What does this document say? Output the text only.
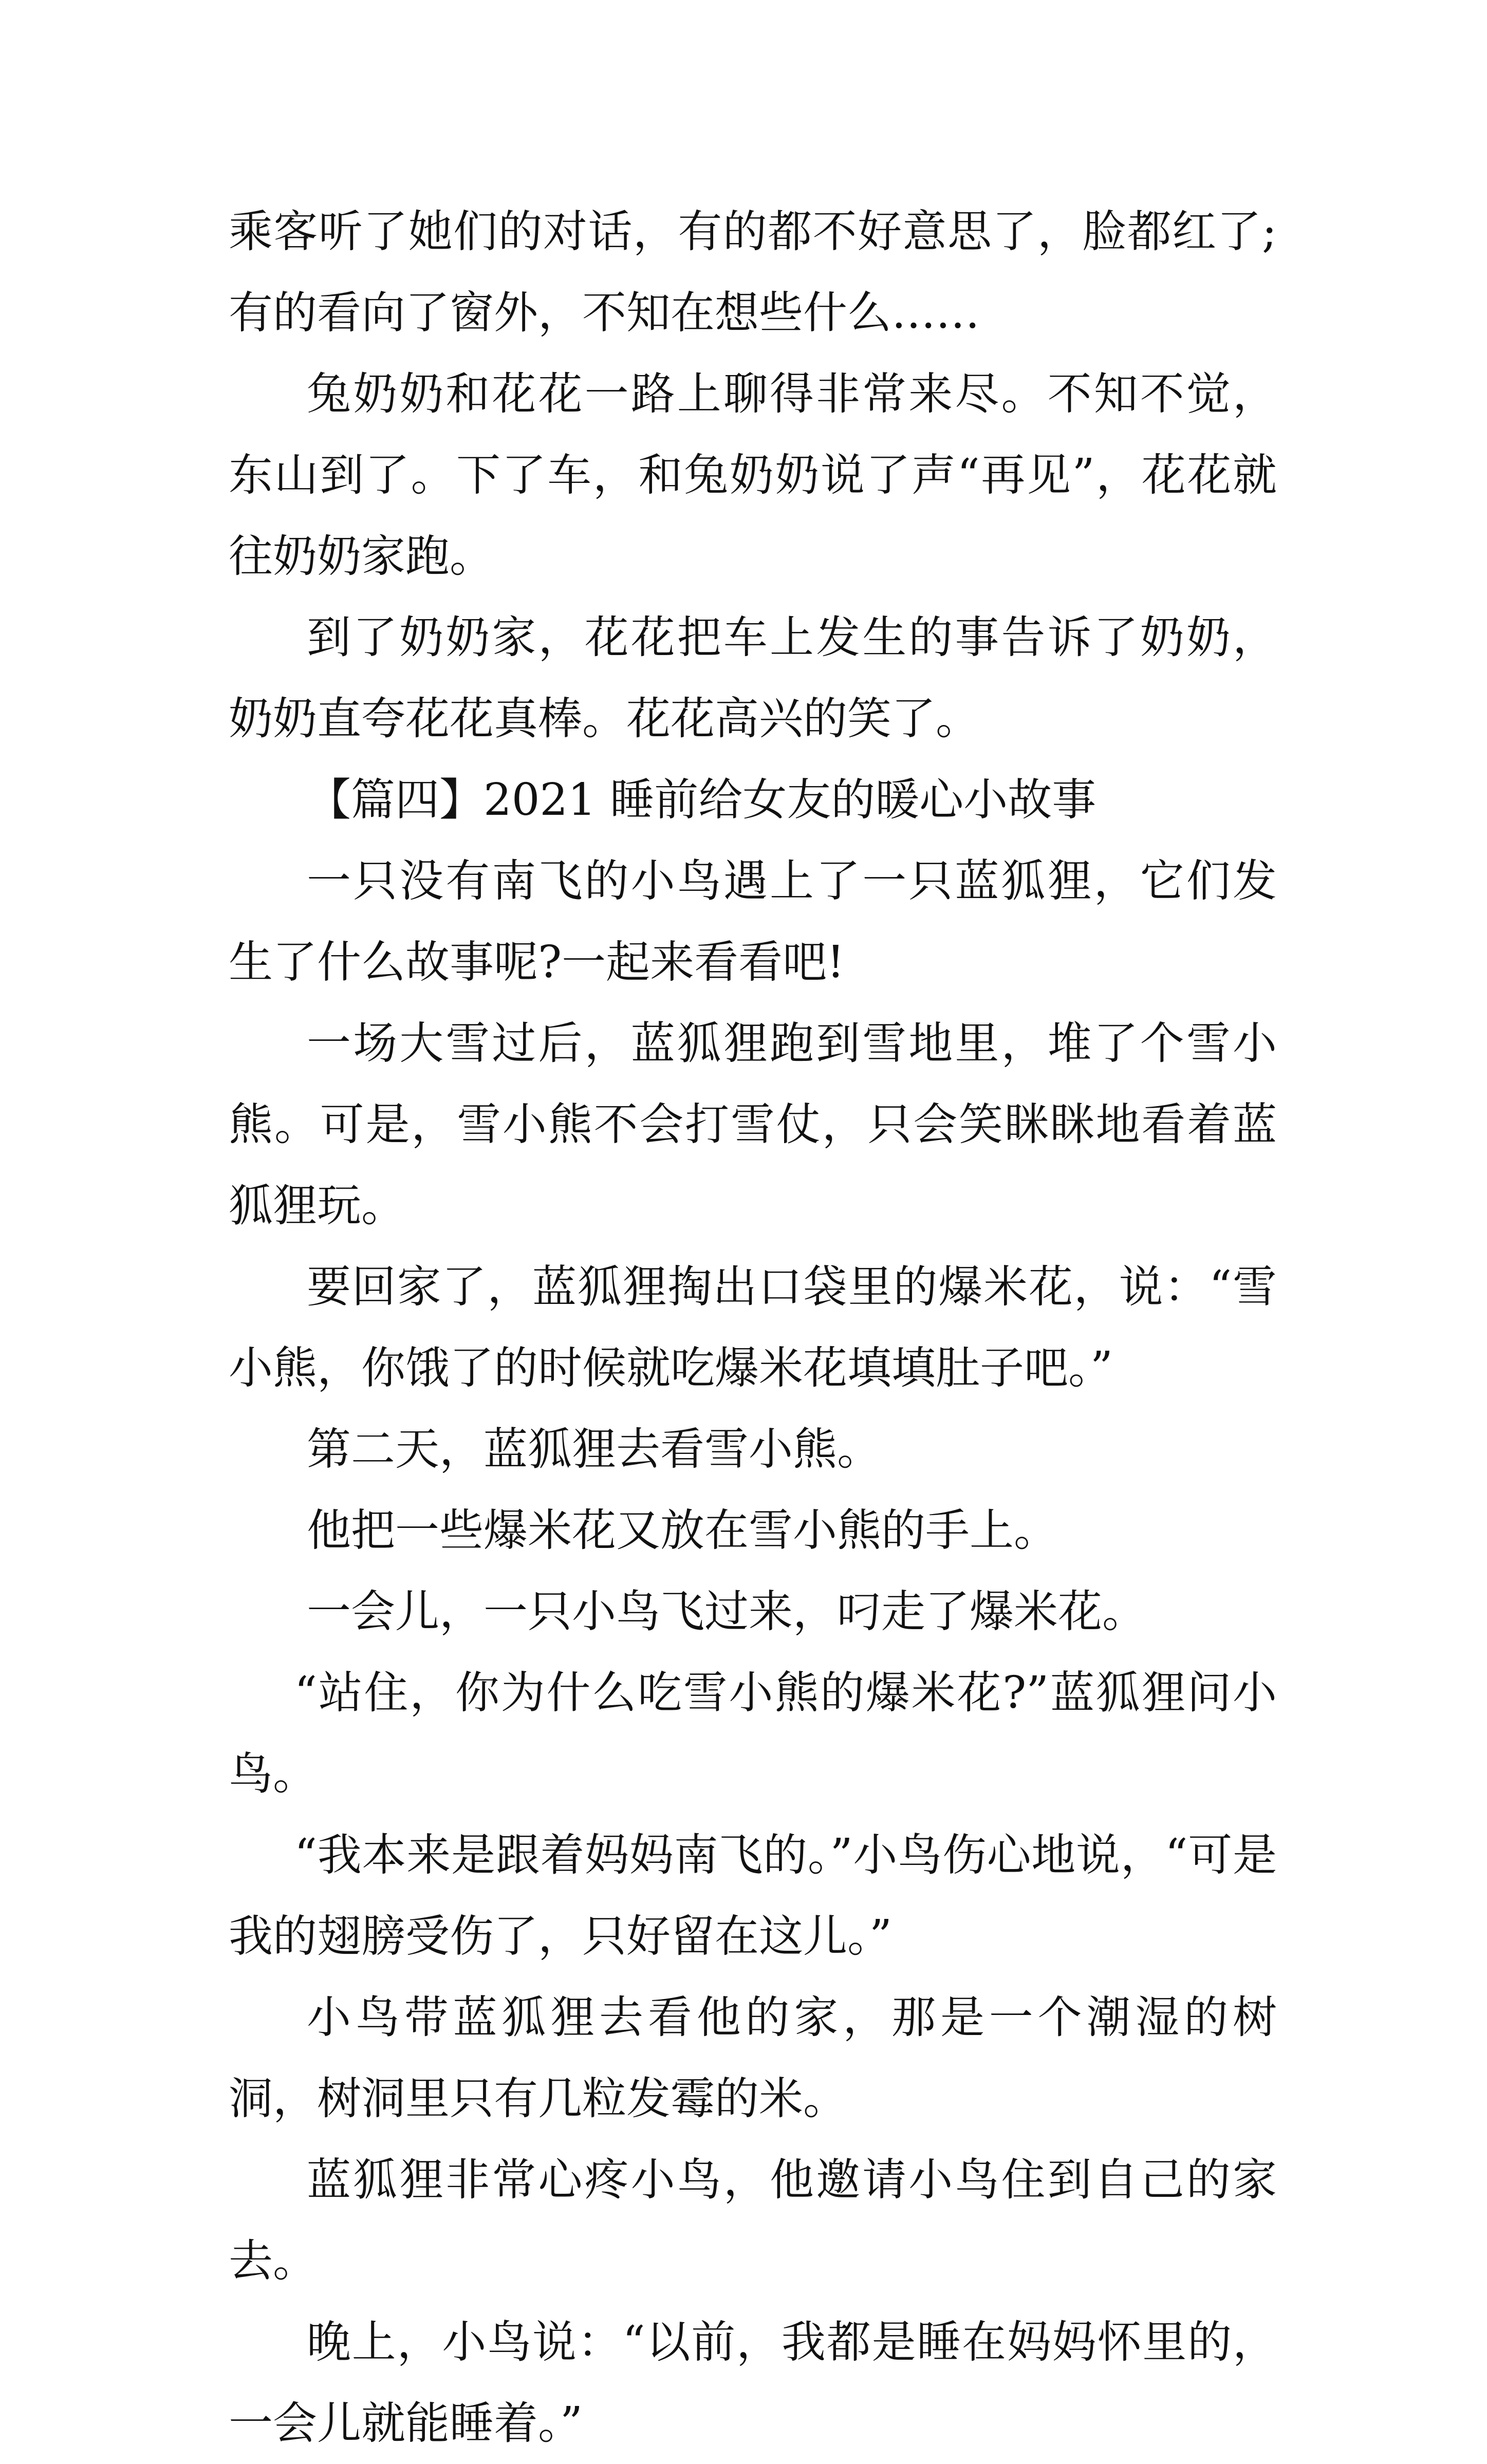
乘客听了她们的对话，有的都不好意思了，脸都红了;有的看向了窗外，不知在想些什么……

兔奶奶和花花一路上聊得非常来尽。不知不觉，东山到了。下了车，和兔奶奶说了声“再见”，花花就往奶奶家跑。

到了奶奶家，花花把车上发生的事告诉了奶奶，奶奶直夸花花真棒。花花高兴的笑了。

【篇四】2021 睡前给女友的暖心小故事

一只没有南飞的小鸟遇上了一只蓝狐狸，它们发生了什么故事呢?一起来看看吧!

一场大雪过后，蓝狐狸跑到雪地里，堆了个雪小熊。可是，雪小熊不会打雪仗，只会笑眯眯地看着蓝狐狸玩。

要回家了，蓝狐狸掏出口袋里的爆米花，说：“雪小熊，你饿了的时候就吃爆米花填填肚子吧。”

第二天，蓝狐狸去看雪小熊。

他把一些爆米花又放在雪小熊的手上。

一会儿，一只小鸟飞过来，叼走了爆米花。

“站住，你为什么吃雪小熊的爆米花?”蓝狐狸问小鸟。

“我本来是跟着妈妈南飞的。”小鸟伤心地说，“可是我的翅膀受伤了，只好留在这儿。”

小鸟带蓝狐狸去看他的家，那是一个潮湿的树洞，树洞里只有几粒发霉的米。

蓝狐狸非常心疼小鸟，他邀请小鸟住到自己的家去。

晚上，小鸟说：“以前，我都是睡在妈妈怀里的，一会儿就能睡着。”
